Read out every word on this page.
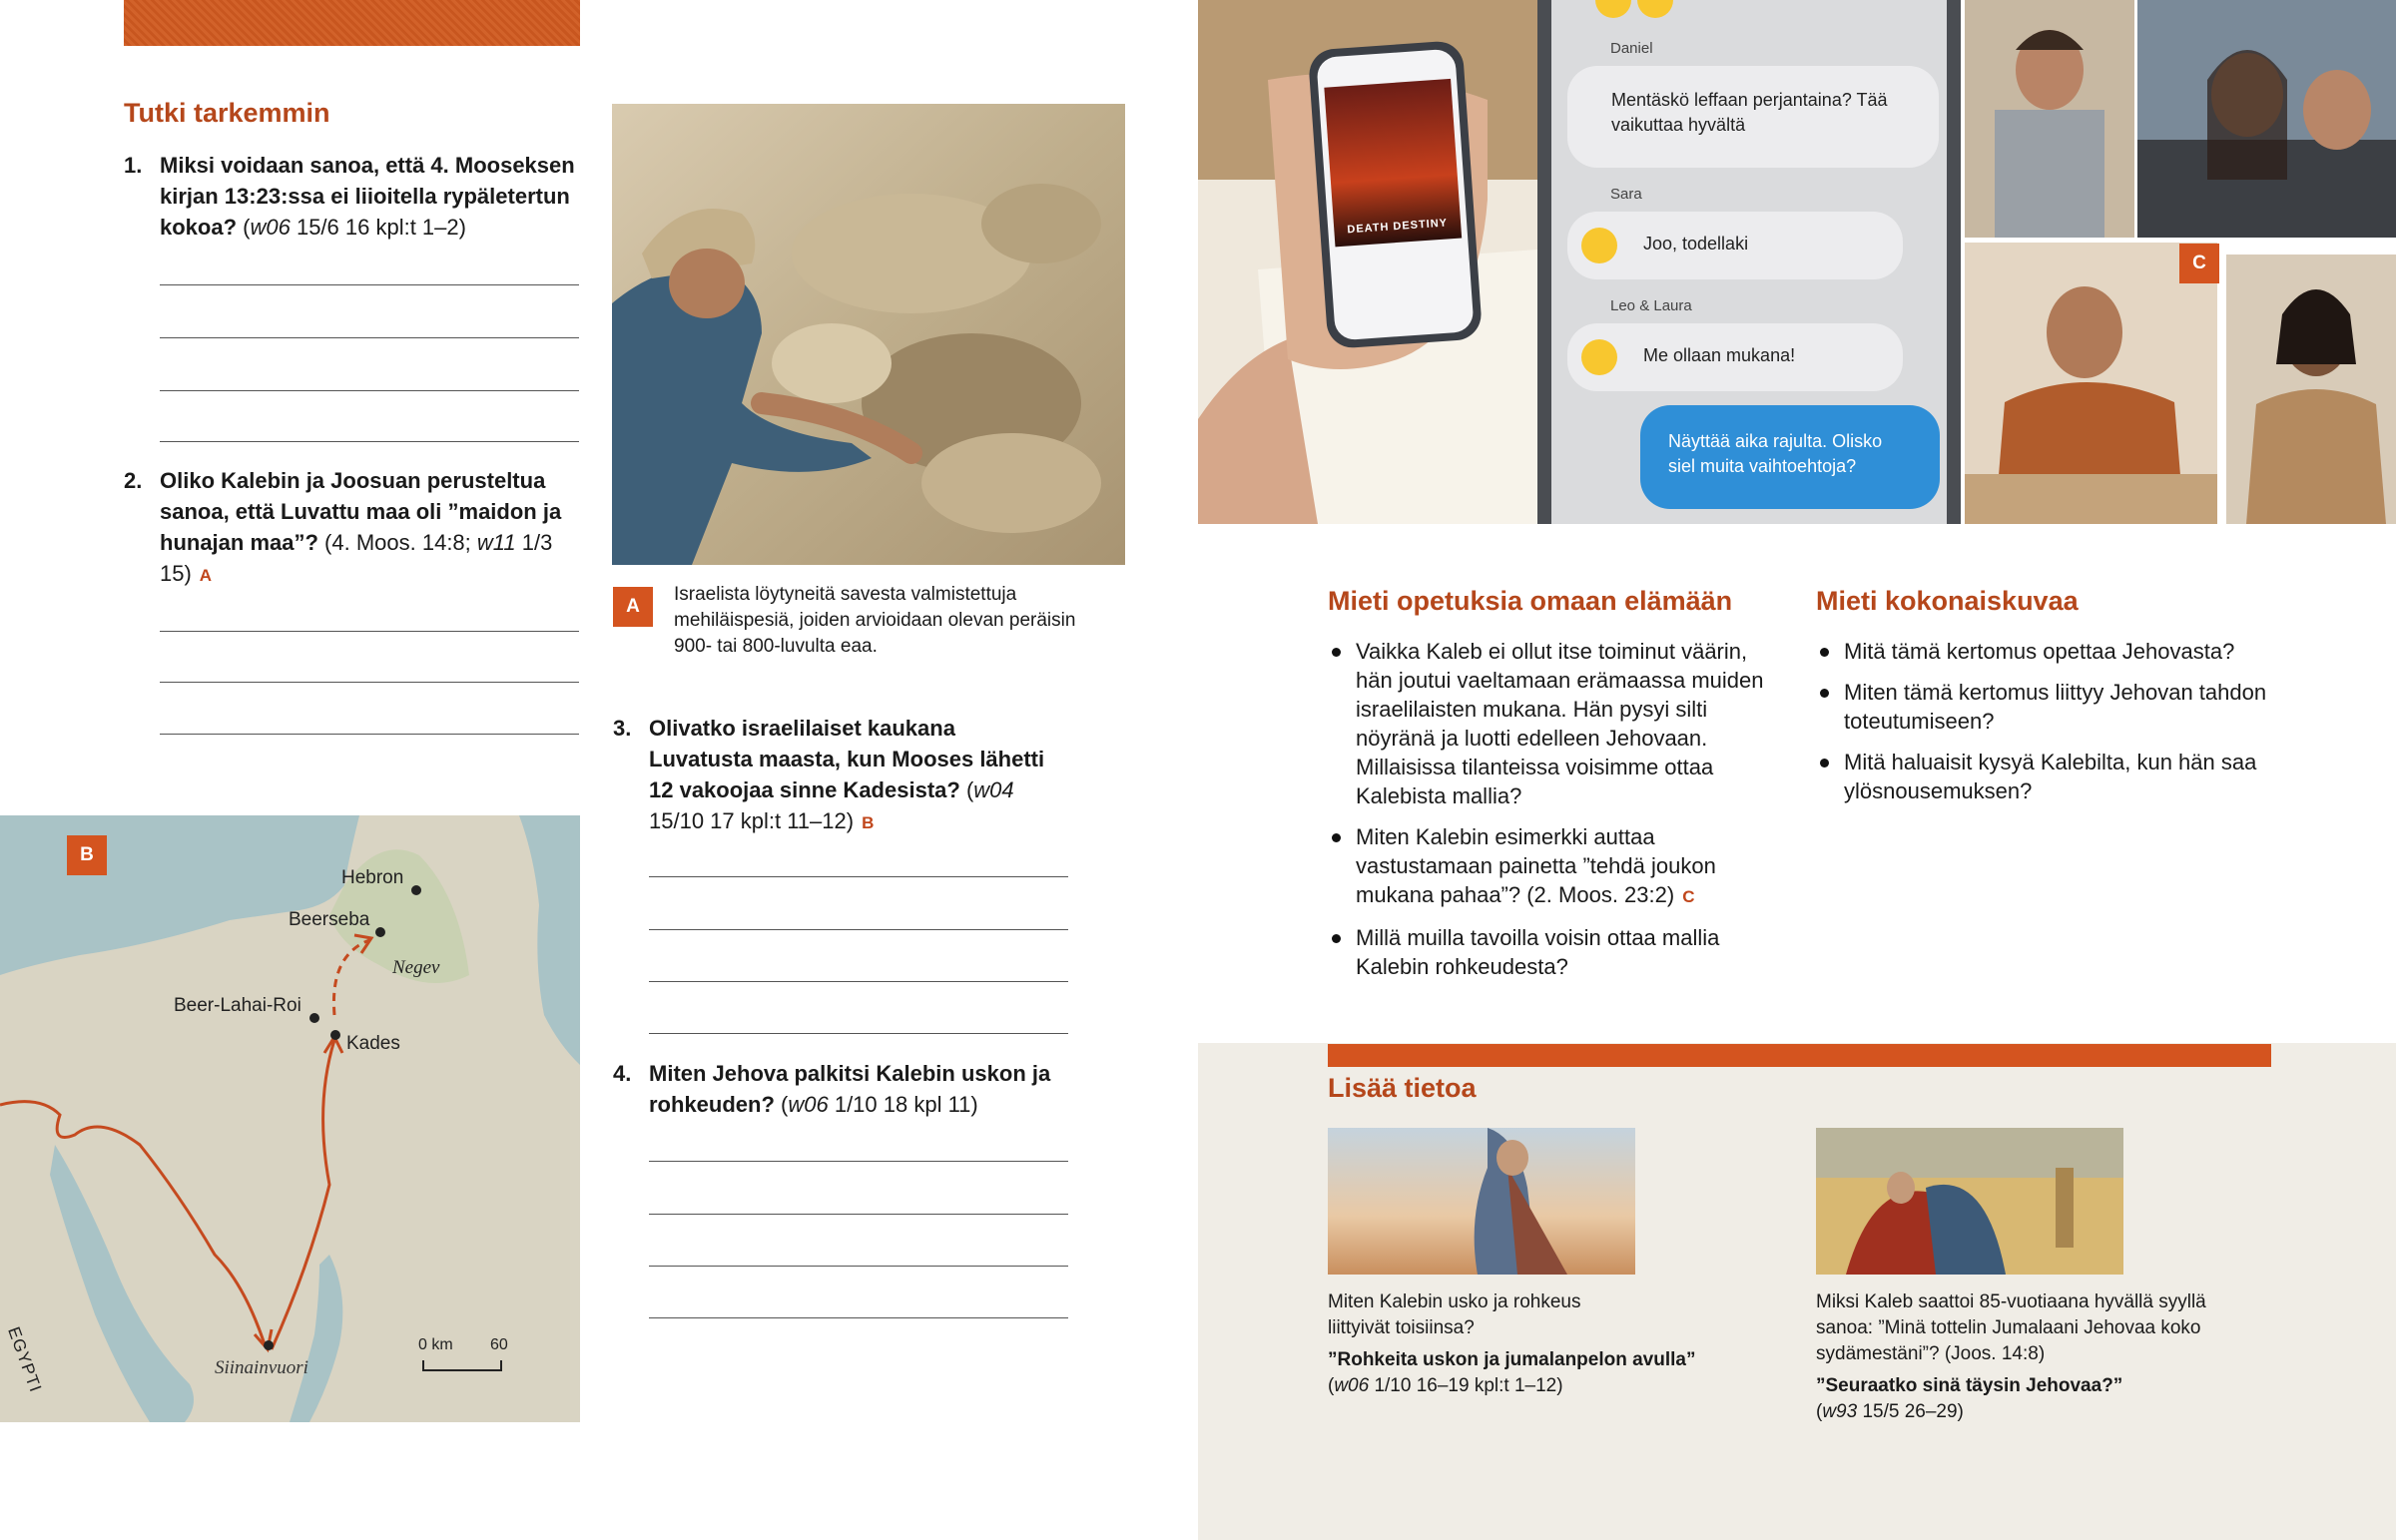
Tutki tarkemmin
1. Miksi voidaan sanoa, että 4. Mooseksen kirjan 13:23:ssa ei liioitella rypäletertun kokoa? (w06 15/6 16 kpl:t 1–2)
2. Oliko Kalebin ja Joosuan perusteltua sanoa, että Luvattu maa oli ”maidon ja hunajan maa”? (4. Moos. 14:8; w11 1/3 15) A
A
Israelista löytyneitä savesta valmistettuja mehiläispesiä, joiden arvioidaan olevan peräisin 900- tai 800-luvulta eaa.
3. Olivatko israelilaiset kaukana Luvatusta maasta, kun Mooses lähetti 12 vakoojaa sinne Kadesista? (w04 15/10 17 kpl:t 11–12) B
4. Miten Jehova palkitsi Kalebin uskon ja rohkeuden? (w06 1/10 18 kpl 11)
B
Hebron
Beerseba
Negev
Beer-Lahai-Roi
Kades
EGYPTI	Siinainvuori
0 km 60
DEATH DESTINY
Daniel
Mentäskö leffaan perjantaina? Tää vaikuttaa hyvältä
Sara
Joo, todellaki
Leo & Laura
Me ollaan mukana!
Näyttää aika rajulta. Olisko siel muita vaihtoehtoja?
C
Mieti opetuksia omaan elämään
Vaikka Kaleb ei ollut itse toiminut väärin, hän joutui vaeltamaan erämaassa muiden israelilaisten mukana. Hän pysyi silti nöyränä ja luotti edelleen Jehovaan. Millaisissa tilanteissa voisimme ottaa Kalebista mallia?
Miten Kalebin esimerkki auttaa vastustamaan painetta ”tehdä joukon mukana pahaa”? (2. Moos. 23:2) C
Millä muilla tavoilla voisin ottaa mallia Kalebin rohkeudesta?
Mieti kokonaiskuvaa
Mitä tämä kertomus opettaa Jehovasta?
Miten tämä kertomus liittyy Jehovan tahdon toteutumiseen?
Mitä haluaisit kysyä Kalebilta, kun hän saa ylösnousemuksen?
Lisää tietoa
Miten Kalebin usko ja rohkeus liittyivät toisiinsa?
”Rohkeita uskon ja jumalanpelon avulla”
(w06 1/10 16–19 kpl:t 1–12)
Miksi Kaleb saattoi 85-vuotiaana hyvällä syyllä sanoa: ”Minä tottelin Jumalaani Jehovaa koko sydämestäni”? (Joos. 14:8)
”Seuraatko sinä täysin Jehovaa?”
(w93 15/5 26–29)
